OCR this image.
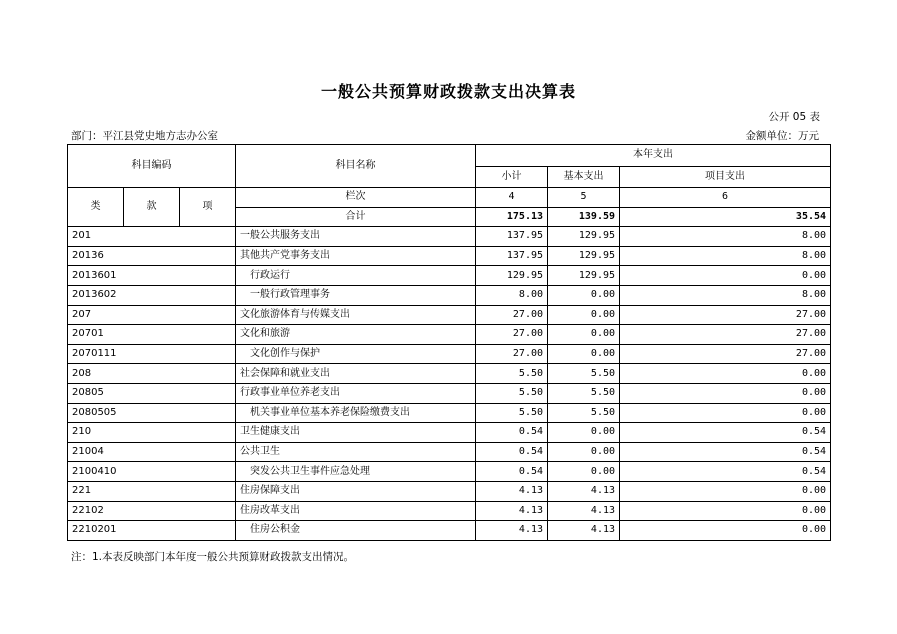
一般公共预算财政拨款支出决算表
公开 05 表
部门：平江县党史地方志办公室	金额单位：万元
科目编码			科目名称	本年支出		
				小计	基本支出	项目支出
类	款	项	栏次	4	5	6
			合计	175.13	139.59	35.54
201			一般公共服务支出	137.95	129.95	8.00
20136			其他共产党事务支出	137.95	129.95	8.00
2013601			行政运行	129.95	129.95	0.00
2013602			一般行政管理事务	8.00	0.00	8.00
207			文化旅游体育与传媒支出	27.00	0.00	27.00
20701			文化和旅游	27.00	0.00	27.00
2070111			文化创作与保护	27.00	0.00	27.00
208			社会保障和就业支出	5.50	5.50	0.00
20805			行政事业单位养老支出	5.50	5.50	0.00
2080505			机关事业单位基本养老保险缴费支出	5.50	5.50	0.00
210			卫生健康支出	0.54	0.00	0.54
21004			公共卫生	0.54	0.00	0.54
2100410			突发公共卫生事件应急处理	0.54	0.00	0.54
221			住房保障支出	4.13	4.13	0.00
22102			住房改革支出	4.13	4.13	0.00
2210201			住房公积金	4.13	4.13	0.00
注：1.本表反映部门本年度一般公共预算财政拨款支出情况。
